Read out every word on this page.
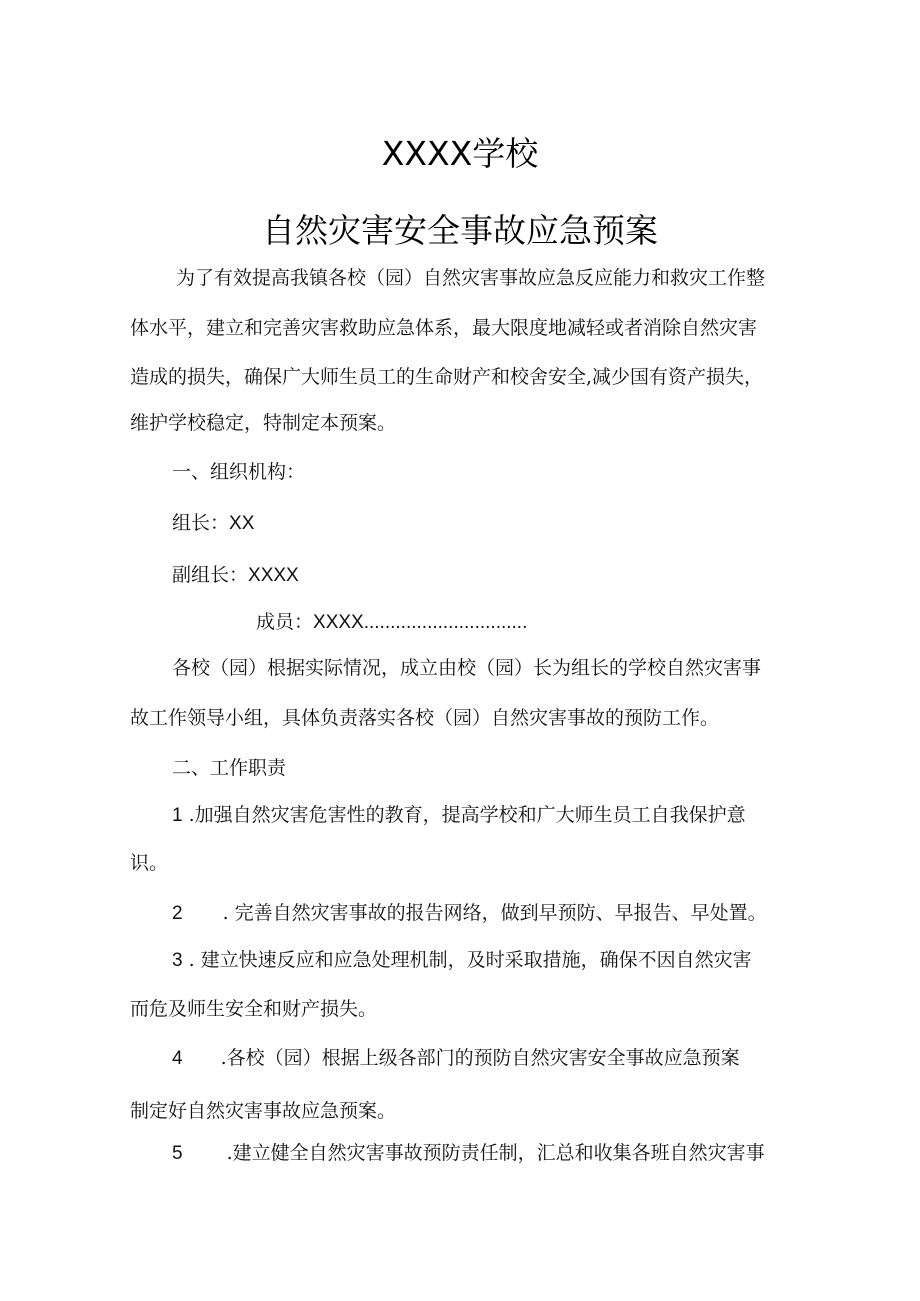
XXXX学校
自然灾害安全事故应急预案
为了有效提高我镇各校（园）自然灾害事故应急反应能力和救灾工作整
体水平，建立和完善灾害救助应急体系，最大限度地减轻或者消除自然灾害
造成的损失，确保广大师生员工的生命财产和校舍安全,减少国有资产损失，
维护学校稳定，特制定本预案。
一、组织机构：
组长：XX
副组长：XXXX
成员：XXXX...............................
各校（园）根据实际情况，成立由校（园）长为组长的学校自然灾害事
故工作领导小组，具体负责落实各校（园）自然灾害事故的预防工作。
二、工作职责
1 .加强自然灾害危害性的教育，提高学校和广大师生员工自我保护意
识。
2 . 完善自然灾害事故的报告网络，做到早预防、早报告、早处置。
3 . 建立快速反应和应急处理机制，及时采取措施，确保不因自然灾害
而危及师生安全和财产损失。
4 .各校（园）根据上级各部门的预防自然灾害安全事故应急预案
制定好自然灾害事故应急预案。
5 .建立健全自然灾害事故预防责任制，汇总和收集各班自然灾害事
